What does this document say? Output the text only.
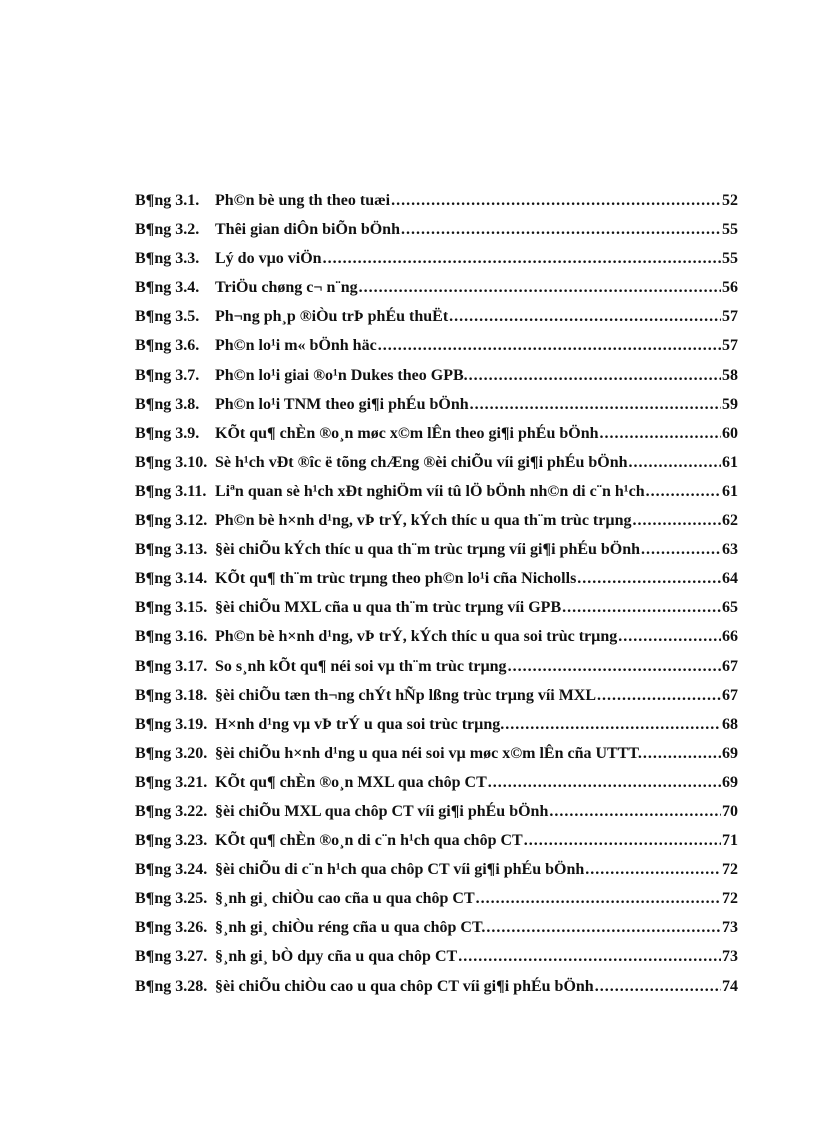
B¶ng 3.1. Ph©n bè ung th theo tuæi .....	52
B¶ng 3.2. Thêi gian diÔn biÕn bÖnh .....	55
B¶ng 3.3. Lý do vµo viÖn .....	55
B¶ng 3.4. TriÖu chøng c¬ n¨ng .....	56
B¶ng 3.5. Ph¬ng ph¸p ®iÒu trÞ phÉu thuËt .....	57
B¶ng 3.6. Ph©n lo¹i m« bÖnh häc .....	57
B¶ng 3.7. Ph©n lo¹i giai ®o¹n Dukes theo GPB. .....	58
B¶ng 3.8. Ph©n lo¹i TNM theo gi¶i phÉu bÖnh .....	59
B¶ng 3.9. KÕt qu¶ chÈn ®o¸n møc x©m lÊn theo gi¶i phÉu bÖnh .....	60
B¶ng 3.10. Sè h¹ch vÐt ®îc ë tõng chÆng ®èi chiÕu víi gi¶i phÉu bÖnh .....	61
B¶ng 3.11. Liªn quan sè h¹ch xÐt nghiÖm víi tû lÖ bÖnh nh©n di c¨n h¹ch .....	61
B¶ng 3.12. Ph©n bè h×nh d¹ng, vÞ trÝ, kÝch thíc u qua th¨m trùc trµng .....	62
B¶ng 3.13. §èi chiÕu kÝch thíc u qua th¨m trùc trµng víi gi¶i phÉu bÖnh .....	63
B¶ng 3.14. KÕt qu¶ th¨m trùc trµng theo ph©n lo¹i cña Nicholls .....	64
B¶ng 3.15. §èi chiÕu MXL cña u qua th¨m trùc trµng víi GPB .....	65
B¶ng 3.16. Ph©n bè h×nh d¹ng, vÞ trÝ, kÝch thíc u qua soi trùc trµng .....	66
B¶ng 3.17. So s¸nh kÕt qu¶ néi soi vµ th¨m trùc trµng .....	67
B¶ng 3.18. §èi chiÕu tæn th¬ng chÝt hÑp lßng trùc trµng víi MXL .....	67
B¶ng 3.19. H×nh d¹ng vµ vÞ trÝ u qua soi trùc trµng. .....	68
B¶ng 3.20. §èi chiÕu h×nh d¹ng u qua néi soi vµ møc x©m lÊn cña UTTT. .....	69
B¶ng 3.21. KÕt qu¶ chÈn ®o¸n MXL qua chôp CT .....	69
B¶ng 3.22. §èi chiÕu MXL qua chôp CT víi gi¶i phÉu bÖnh .....	70
B¶ng 3.23. KÕt qu¶ chÈn ®o¸n di c¨n h¹ch qua chôp CT .....	71
B¶ng 3.24. §èi chiÕu di c¨n h¹ch qua chôp CT víi gi¶i phÉu bÖnh .....	72
B¶ng 3.25. §¸nh gi¸ chiÒu cao cña u qua chôp CT .....	72
B¶ng 3.26. §¸nh gi¸ chiÒu réng cña u qua chôp CT. .....	73
B¶ng 3.27. §¸nh gi¸ bÒ dµy cña u qua chôp CT .....	73
B¶ng 3.28. §èi chiÕu chiÒu cao u qua chôp CT víi gi¶i phÉu bÖnh .....	74
